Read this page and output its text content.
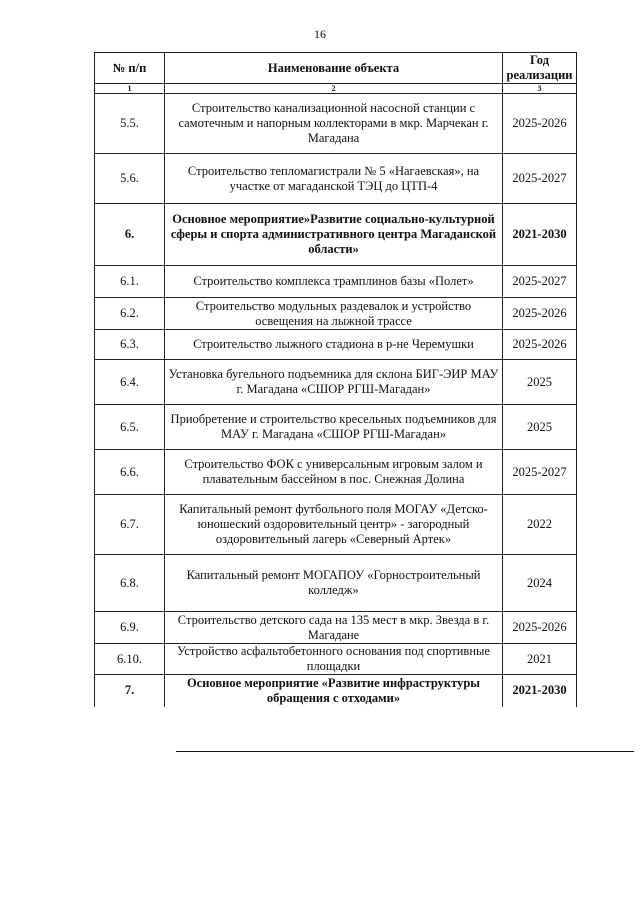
16
№ п/п	Наименование объекта	Год реализации
1	2	3
5.5.	Строительство канализационной насосной станции с самотечным и напорным коллекторами в мкр. Марчекан г. Магадана	2025-2026
5.6.	Строительство тепломагистрали № 5 «Нагаевская», на участке от магаданской ТЭЦ до ЦТП-4	2025-2027
6.	Основное мероприятие»Развитие социально-культурной сферы и спорта административного центра Магаданской области»	2021-2030
6.1.	Строительство комплекса трамплинов базы «Полет»	2025-2027
6.2.	Строительство модульных раздевалок и устройство освещения на лыжной трассе	2025-2026
6.3.	Строительство лыжного стадиона в р-не Черемушки	2025-2026
6.4.	Установка бугельного подъемника для склона БИГ-ЭИР МАУ г. Магадана «СШОР РГШ-Магадан»	2025
6.5.	Приобретение и строительство кресельных подъемников для МАУ г. Магадана «СШОР РГШ-Магадан»	2025
6.6.	Строительство ФОК с универсальным игровым залом и плавательным бассейном в пос. Снежная Долина	2025-2027
6.7.	Капитальный ремонт футбольного поля МОГАУ «Детско-юношеский оздоровительный центр» - загородный оздоровительный лагерь «Северный Артек»	2022
6.8.	Капитальный ремонт МОГАПОУ «Горностроительный колледж»	2024
6.9.	Строительство детского сада на 135 мест в мкр. Звезда в г. Магадане	2025-2026
6.10.	Устройство асфальтобетонного основания под спортивные площадки	2021
7.	Основное мероприятие «Развитие инфраструктуры обращения с отходами»	2021-2030
